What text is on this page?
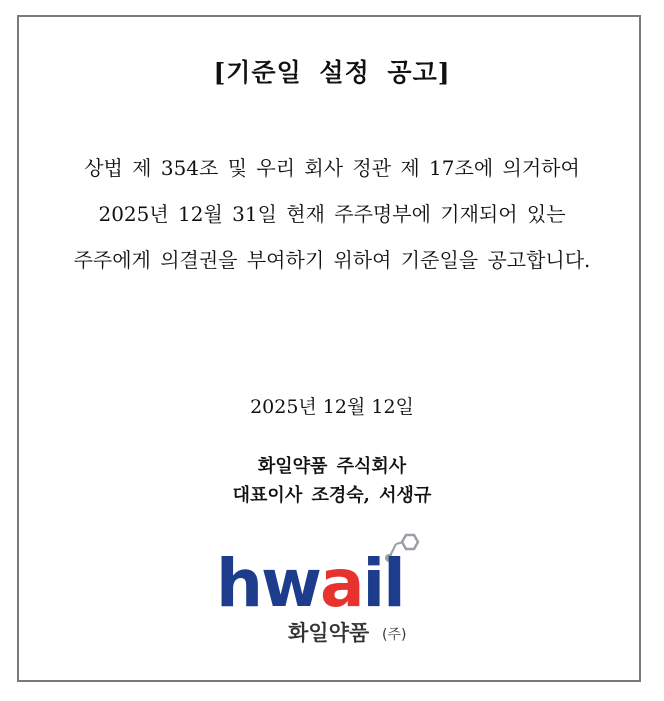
[기준일 설정 공고]
상법 제 354조 및 우리 회사 정관 제 17조에 의거하여
2025년 12월 31일 현재 주주명부에 기재되어 있는
주주에게 의결권을 부여하기 위하여 기준일을 공고합니다.
2025년 12월 12일
화일약품 주식회사
대표이사 조경숙, 서생규
hwail
화일약품 (주)
